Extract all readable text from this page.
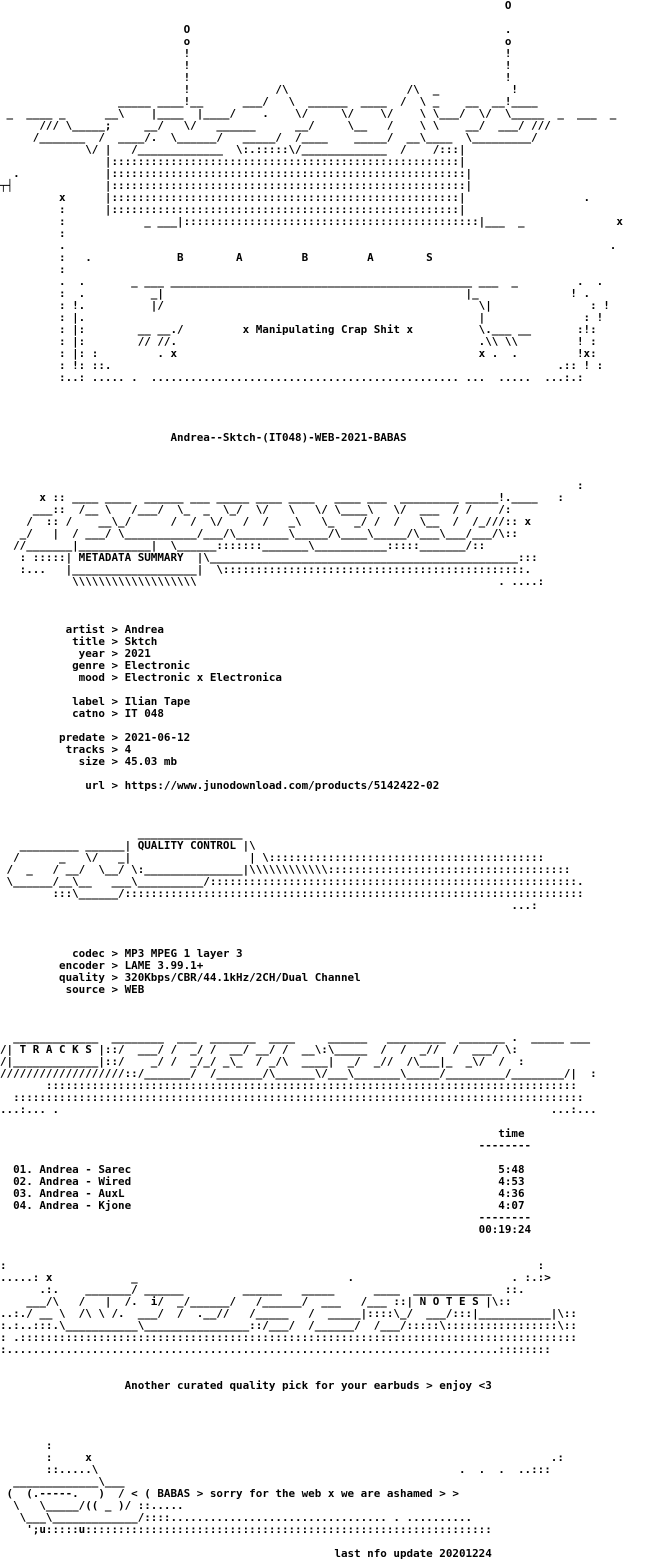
O

O                                                .
o                                                o
!                                                !
!                                                !
!                                                !
!             /\                  /\  _           !
_____ ____!__      ___/   \  ______  ____  /  \ _    __  __!____
_  ____ _      __\    |____  |____/    .    \/     \/    \/    \ \___/  \/  \_____  _  ___  _
/// \_____;     __/   \/   ______      __/     \__   /    \ \    __/  ___/ ///
/_______  /  ____/.  \______/   _____/  /____    _____/  __\____  \_________/
\/ |   /_____________  \:.:::::\/_____________  /    /:::|
|:::::::::::::::::::::::::::::::::::::::::::::::::::::|
.             |::::::::::::::::::::::::::::::::::::::::::::::::::::::|
┬┤              |::::::::::::::::::::::::::::::::::::::::::::::::::::::|
x      |:::::::::::::::::::::::::::::::::::::::::::::::::::::|                  .
:      |:::::::::::::::::::::::::::::::::::::::::::::::::::::|
:            _ ___|:::::::::::::::::::::::::::::::::::::::::::::|___  _              x
:
.                                                                                   .
:   .             B        A         B         A        S
:
.  .       _ ___ ______________________________________________ ___  _         .  .
:  .          _|                                              |_              ! .
: !.          |/                                                \|               : !
: |.                                                            |               : !
: |:        __ __./         x Manipulating Crap Shit x          \.___ __       :!:
: |:        // //.                                              .\\ \\         ! :
: |: :         . x                                              x .  .         !x:
: !: ::.                                                                    .:: ! :
:..: ..... .  ............................................... ...  .....  ...:.:

Andrea--Sktch-(IT048)-WEB-2021-BABAS

:
x :: ____ ____  ______ ___ _____ ____ ____   ____ ___  _________ _____!.____   :
___::  /__ \   /___/  \_  _  \_/  \/   \   \/ \____\   \/  ___  / /    /:
/  :: /    __\_/      /  /  \/   /  /   _\   \_   _/ /  /   \__  /  /_///:: x
_/   |  / ___/ \___________/___/\________\_____/\____\_____/\___\___/___/\::
//_______|___________|  \______:::::::_______\___________:::::_______/::
: :::::| METADATA SUMMARY  |\_______________________________________________:::
:...   |___________________|  \::::::::::::::::::::::::::::::::::::::::::::::.
\\\\\\\\\\\\\\\\\\\                                              . ....:

artist > Andrea
title > Sktch
year > 2021
genre > Electronic
mood > Electronic x Electronica

label > Ilian Tape
catno > IT 048

predate > 2021-06-12
tracks > 4
size > 45.03 mb

url > https://www.junodownload.com/products/5142422-02

________________
_________ ______| QUALITY CONTROL |\
/      _   \/   _|                  | \::::::::::::::::::::::::::::::::::::::::::
/  _   / __/  \__/ \:_______________|\\\\\\\\\\\\:::::::::::::::::::::::::::::::::::::
\______/__\__   ___\__________/::::::::::::::::::::::::::::::::::::::::::::::::::::::::.
:::\______/::::::::::::::::::::::::::::::::::::::::::::::::::::::::::::::::::::::
...:

codec > MP3 MPEG 1 layer 3
encoder > LAME 3.99.1+
quality > 320Kbps/CBR/44.1kHz/2CH/Dual Channel
source > WEB

_____________  ________  ___  _______  ____     ______   _________  _______ .  _____ ___
/| T R A C K S |::/  ___/ /  _/ /  __/ __/ /  __\:\_____  /  /  _//  /  ___/ \:
/|_____________|::/    _/ /  _/_/ _\_  / _/\  ____|  _/  _//  /\___|_  _\/  /  :
///////////////////::/_______/  /_______/\______\/___\_______\_____/_________/________/|  :
:::::::::::::::::::::::::::::::::::::::::::::::::::::::::::::::::::::::::::::::::
:::::::::::::::::::::::::::::::::::::::::::::::::::::::::::::::::::::::::::::::::::::::
...:... .                                                                           ...:...

time
--------

01. Andrea - Sarec                                                        5:48
02. Andrea - Wired                                                        4:53
03. Andrea - AuxL                                                         4:36
04. Andrea - Kjone                                                        4:07
--------
00:19:24

:                                                                                 :
.....: x            _                                .                        . :.:>
.:.    _______/ ______         ______   _____      ____  ____________  ::.
___/\   /   |  /.  i/  _/______/   /______/  ___   /___ ::| N O T E S |\::
..:./ __ \  /\ \ /.  ___/  /  .__//   /_____   /  _____|::::\_/  ___/:::|___________|\::
:.:..:::.\___________\________________::/___/  /______/  /___/:::::\:::::::::::::::::\::
: .:::::::::::::::::::::::::::::::::::::::::::::::::::::::::::::::::::::::::::::::::::::
:...........................................................................::::::::

Another curated quality pick for your earbuds > enjoy <3

:
:     x                                                                      .:
::.....\                                                       .  .  .  ..:::
_____________\___
(  (.-----.   )  / < ( BABAS > sorry for the web x we are ashamed > >
\   \_____/(( _ )/ ::.....
\___\_____________/::::................................. . ..........
';u:::::u::::::::::::::::::::::::::::::::::::::::::::::::::::::::::::::

last nfo update 20201224
